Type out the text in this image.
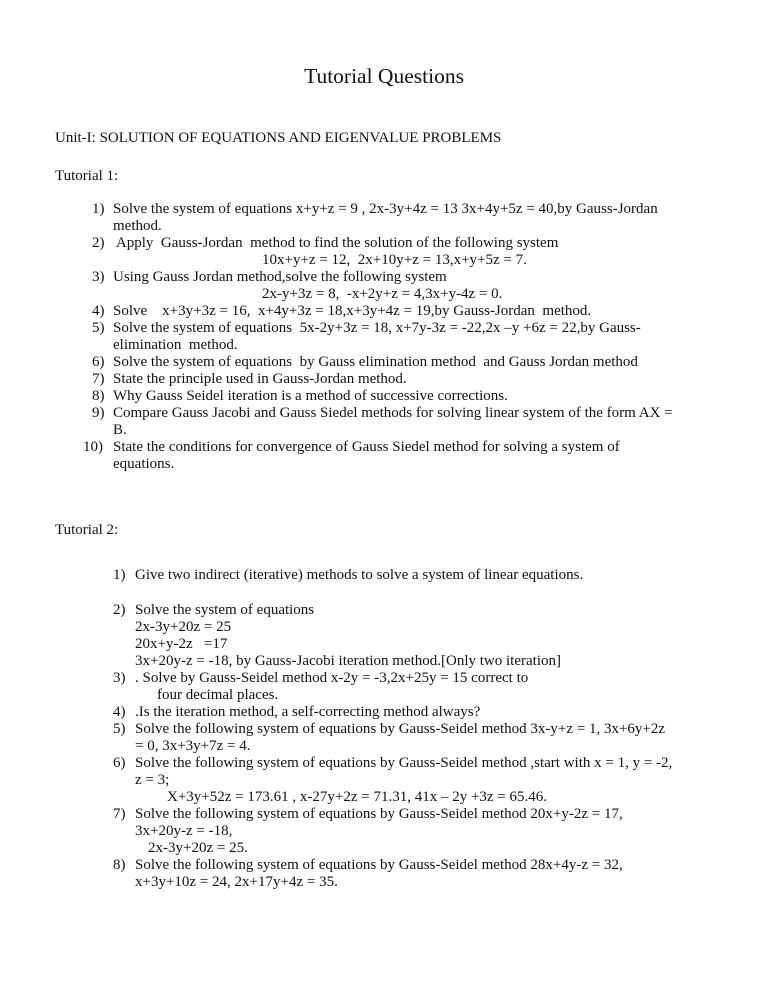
Tutorial Questions
Unit-I: SOLUTION OF EQUATIONS AND EIGENVALUE PROBLEMS
Tutorial 1:
1) Solve the system of equations x+y+z = 9 , 2x-3y+4z = 13 3x+4y+5z = 40,by Gauss-Jordan
method.
2) Apply  Gauss-Jordan  method to find the solution of the following system
10x+y+z = 12,  2x+10y+z = 13,x+y+5z = 7.
3) Using Gauss Jordan method,solve the following system
2x-y+3z = 8,  -x+2y+z = 4,3x+y-4z = 0.
4) Solve    x+3y+3z = 16,  x+4y+3z = 18,x+3y+4z = 19,by Gauss-Jordan  method.
5) Solve the system of equations  5x-2y+3z = 18, x+7y-3z = -22,2x –y +6z = 22,by Gauss-
elimination  method.
6) Solve the system of equations  by Gauss elimination method  and Gauss Jordan method
7) State the principle used in Gauss-Jordan method.
8) Why Gauss Seidel iteration is a method of successive corrections.
9) Compare Gauss Jacobi and Gauss Siedel methods for solving linear system of the form AX =
B.
10) State the conditions for convergence of Gauss Siedel method for solving a system of
equations.
Tutorial 2:
1) Give two indirect (iterative) methods to solve a system of linear equations.
2) Solve the system of equations
2x-3y+20z = 25
20x+y-2z   =17
3x+20y-z = -18, by Gauss-Jacobi iteration method.[Only two iteration]
3) . Solve by Gauss-Seidel method x-2y = -3,2x+25y = 15 correct to
four decimal places.
4) .Is the iteration method, a self-correcting method always?
5) Solve the following system of equations by Gauss-Seidel method 3x-y+z = 1, 3x+6y+2z
= 0, 3x+3y+7z = 4.
6) Solve the following system of equations by Gauss-Seidel method ,start with x = 1, y = -2,
z = 3;
X+3y+52z = 173.61 , x-27y+2z = 71.31, 41x – 2y +3z = 65.46.
7) Solve the following system of equations by Gauss-Seidel method 20x+y-2z = 17,
3x+20y-z = -18,
2x-3y+20z = 25.
8) Solve the following system of equations by Gauss-Seidel method 28x+4y-z = 32,
x+3y+10z = 24, 2x+17y+4z = 35.
